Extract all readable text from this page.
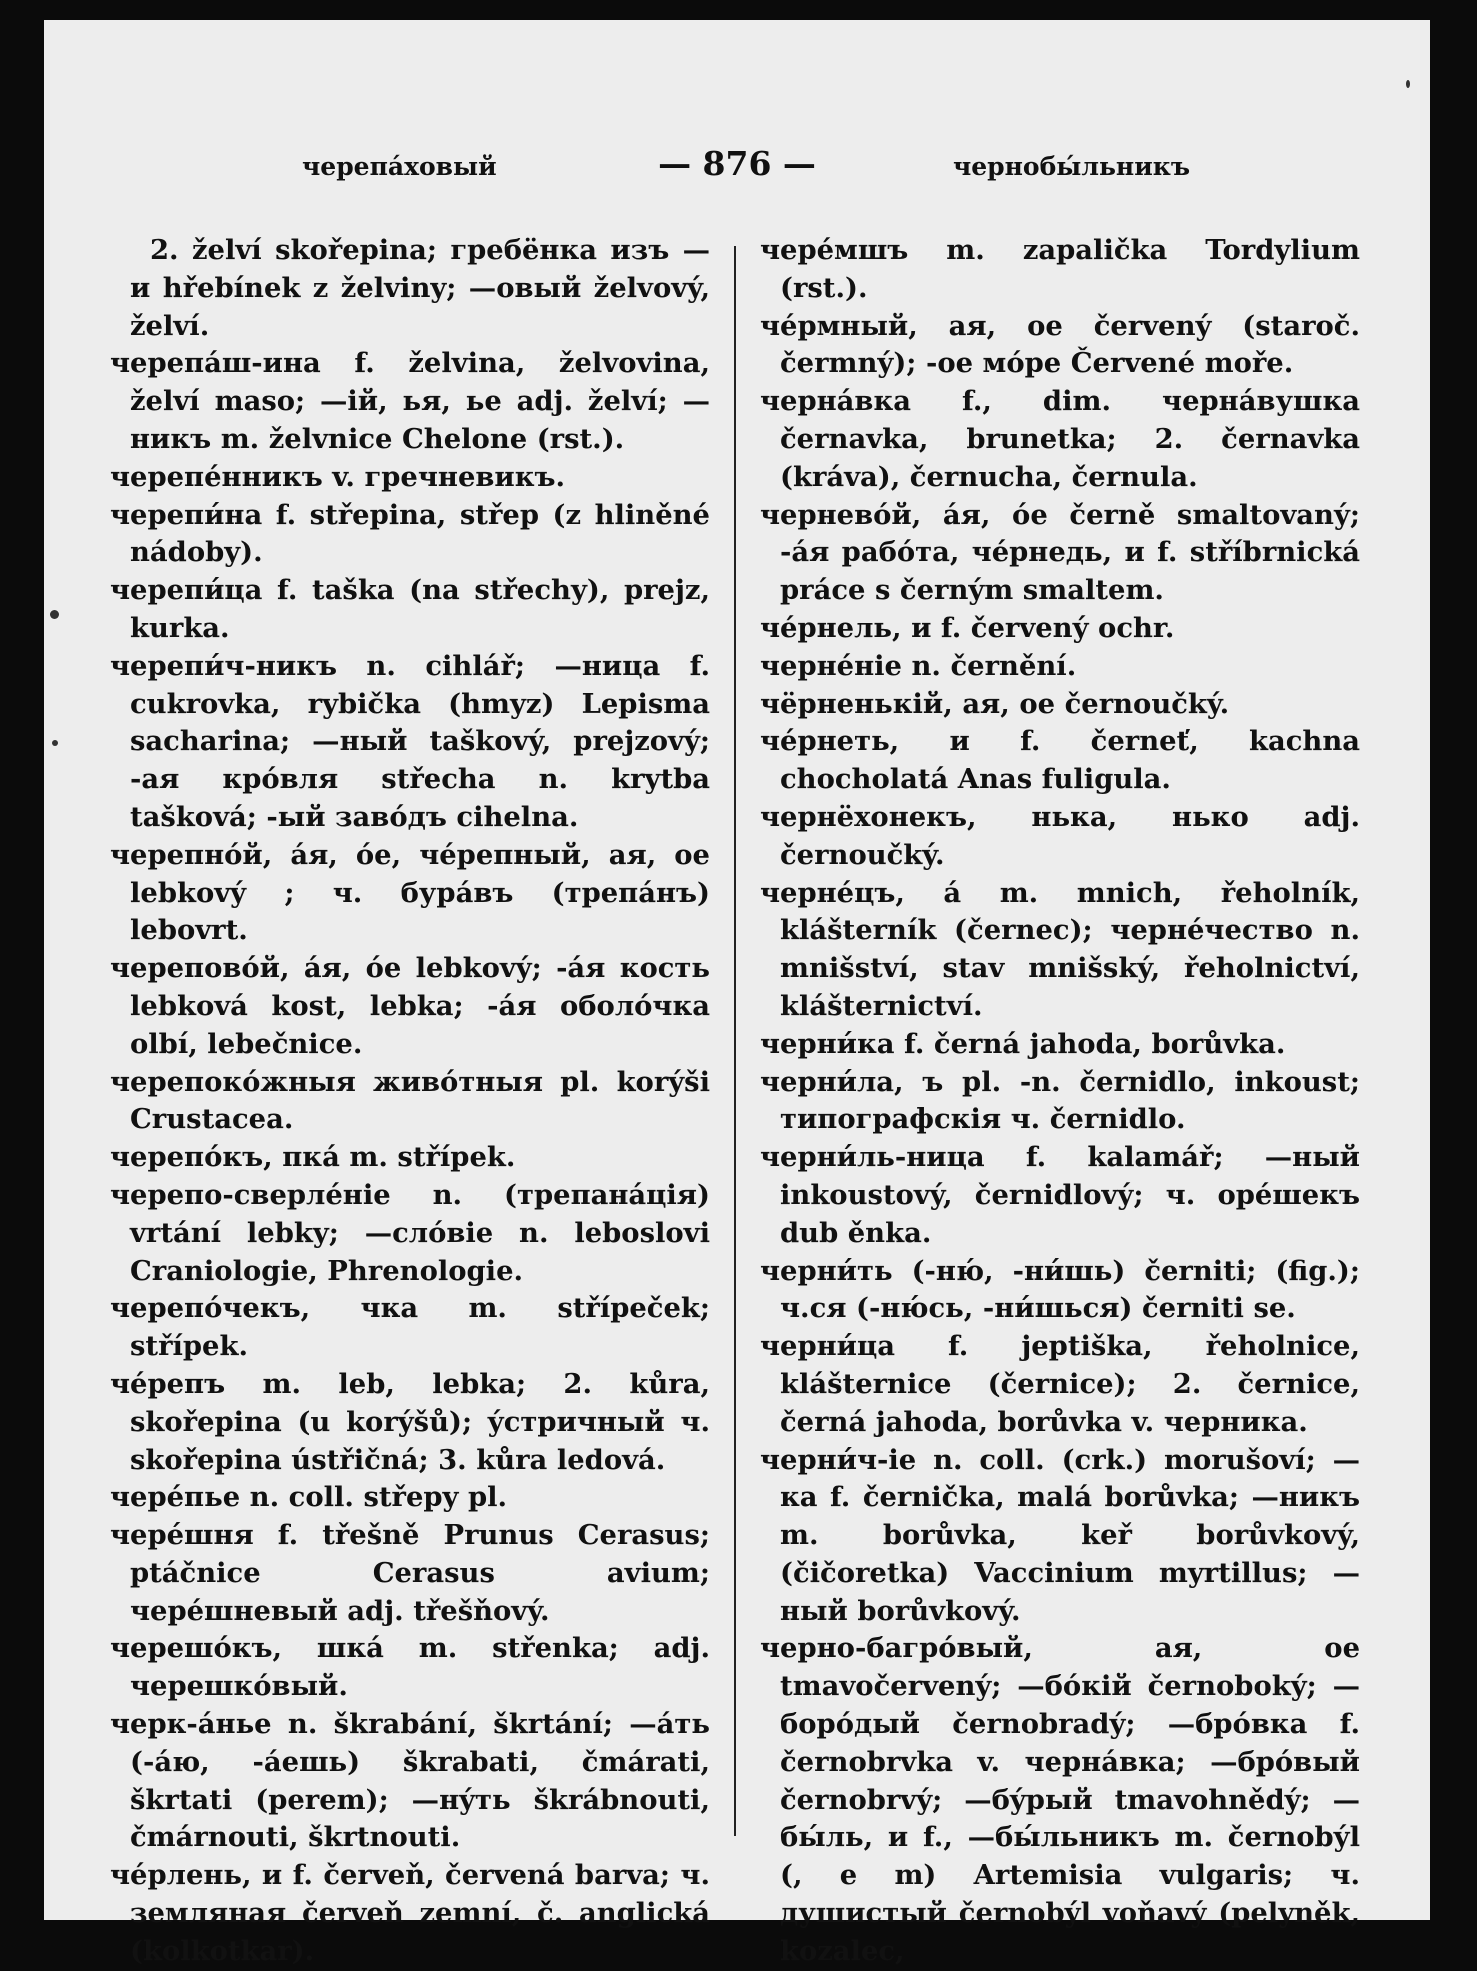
черепáховый	— 876 —	чернобы́льникъ

2. želví skořepina; гребёнка изъ —и hřebínek z želviny; —овый želvový, želví.

черепáш-ина f. želvina, želvovina, želví maso; —ій, ья, ье adj. želví; —никъ m. želvnice Chelone (rst.).

черепéнникъ v. гречневикъ.

черепи́на f. střepina, střep (z hliněné nádoby).

черепи́ца f. taška (na střechy), prejz, kurka.

черепи́ч-никъ n. cihlář; —ница f. cukrovka, rybička (hmyz) Lepisma sacharina; —ный taškový, prejzový; -ая крóвля střecha n. krytba tašková; -ый завóдъ cihelna.

черепнóй, áя, óе, чéрепный, ая, ое lebkový ; ч. бурáвъ (трепáнъ) lebovrt.

череповóй, áя, óе lebkový; -áя кость lebková kost, lebka; -áя оболóчка olbí, lebečnice.

черепокóжныя живóтныя pl. korýši Crustacea.

черепóкъ, пкá m. střípek.

черепо-сверлéніе n. (трепанáція) vrtání lebky; —слóвіе n. leboslovi Craniologie, Phrenologie.

черепóчекъ, чка m. střípeček; střípek.

чéрепъ m. leb, lebka; 2. kůra, skořepina (u korýšů); ýстричный ч. skořepina ústřičná; 3. kůra ledová.

черéпье n. coll. střepy pl.

чере́шня f. třešně Prunus Cerasus; ptáčnice Cerasus avium; черéшневый adj. třešňový.

черешóкъ, шкá m. střenka; adj. черешкóвый.

черк-áнье n. škrabání, škrtání; —áть (-áю, -áешь) škrabati, čmárati, škrtati (perem); —нýть škrábnouti, čmárnouti, škrtnouti.

чéрлень, и f. červeň, červená barva; ч. земляная červeň zemní, č. anglická (kolkotkar).

черéмшъ m. zapalička Tordylium (rst.).

чéрмный, ая, ое červený (staroč. čermný); -ое мóре Červené moře.

чернáвка f., dim. чернáвушка černavka, brunetka; 2. černavka (kráva), černucha, černula.

черневóй, áя, óе černě smaltovaný; -áя рабóта, чéрнедь, и f. stříbrnická práce s černým smaltem.

чéрнель, и f. červený ochr.

чернéніе n. černění.

чёрненькій, ая, ое černoučký.

чéрнеть, и f. černeť, kachna chocholatá Anas fuligula.

чернёхонекъ, нька, нько adj. černoučký.

чернéцъ, á m. mnich, řeholník, klášterník (černec); чернéчество n. mnišství, stav mnišský, řeholnictví, klášternictví.

черни́ка f. černá jahoda, borůvka.

черни́ла, ъ pl. -n. černidlo, inkoust; типографскія ч. černidlo.

черни́ль-ница f. kalamář; —ный inkoustový, černidlový; ч. орéшекъ dub ěnka.

черни́ть (-ню́, -ни́шь) černiti; (fig.); ч.ся (-ню́сь, -ни́шься) černiti se.

черни́ца f. jeptiška, řeholnice, klášternice (černice); 2. černice, černá jahoda, borůvka v. черника.

черни́ч-іе n. coll. (crk.) morušoví; —ка f. černička, malá borůvka; —никъ m. borůvka, keř borůvkový, (čičoretka) Vaccinium myrtillus; —ный borůvkový.

черно-багрóвый, ая, ое tmavočervený; —бóкій černoboký; —борóдый černobradý; —брóвка f. černobrvka v. чернáвка; —брóвый černobrvý; —бýрый tmavohnědý; —бы́ль, и f., —бы́льникъ m. černobýl (, e m) Artemisia vulgaris; ч. душистый černobýl voňavý (pelyněk, kozalec,
